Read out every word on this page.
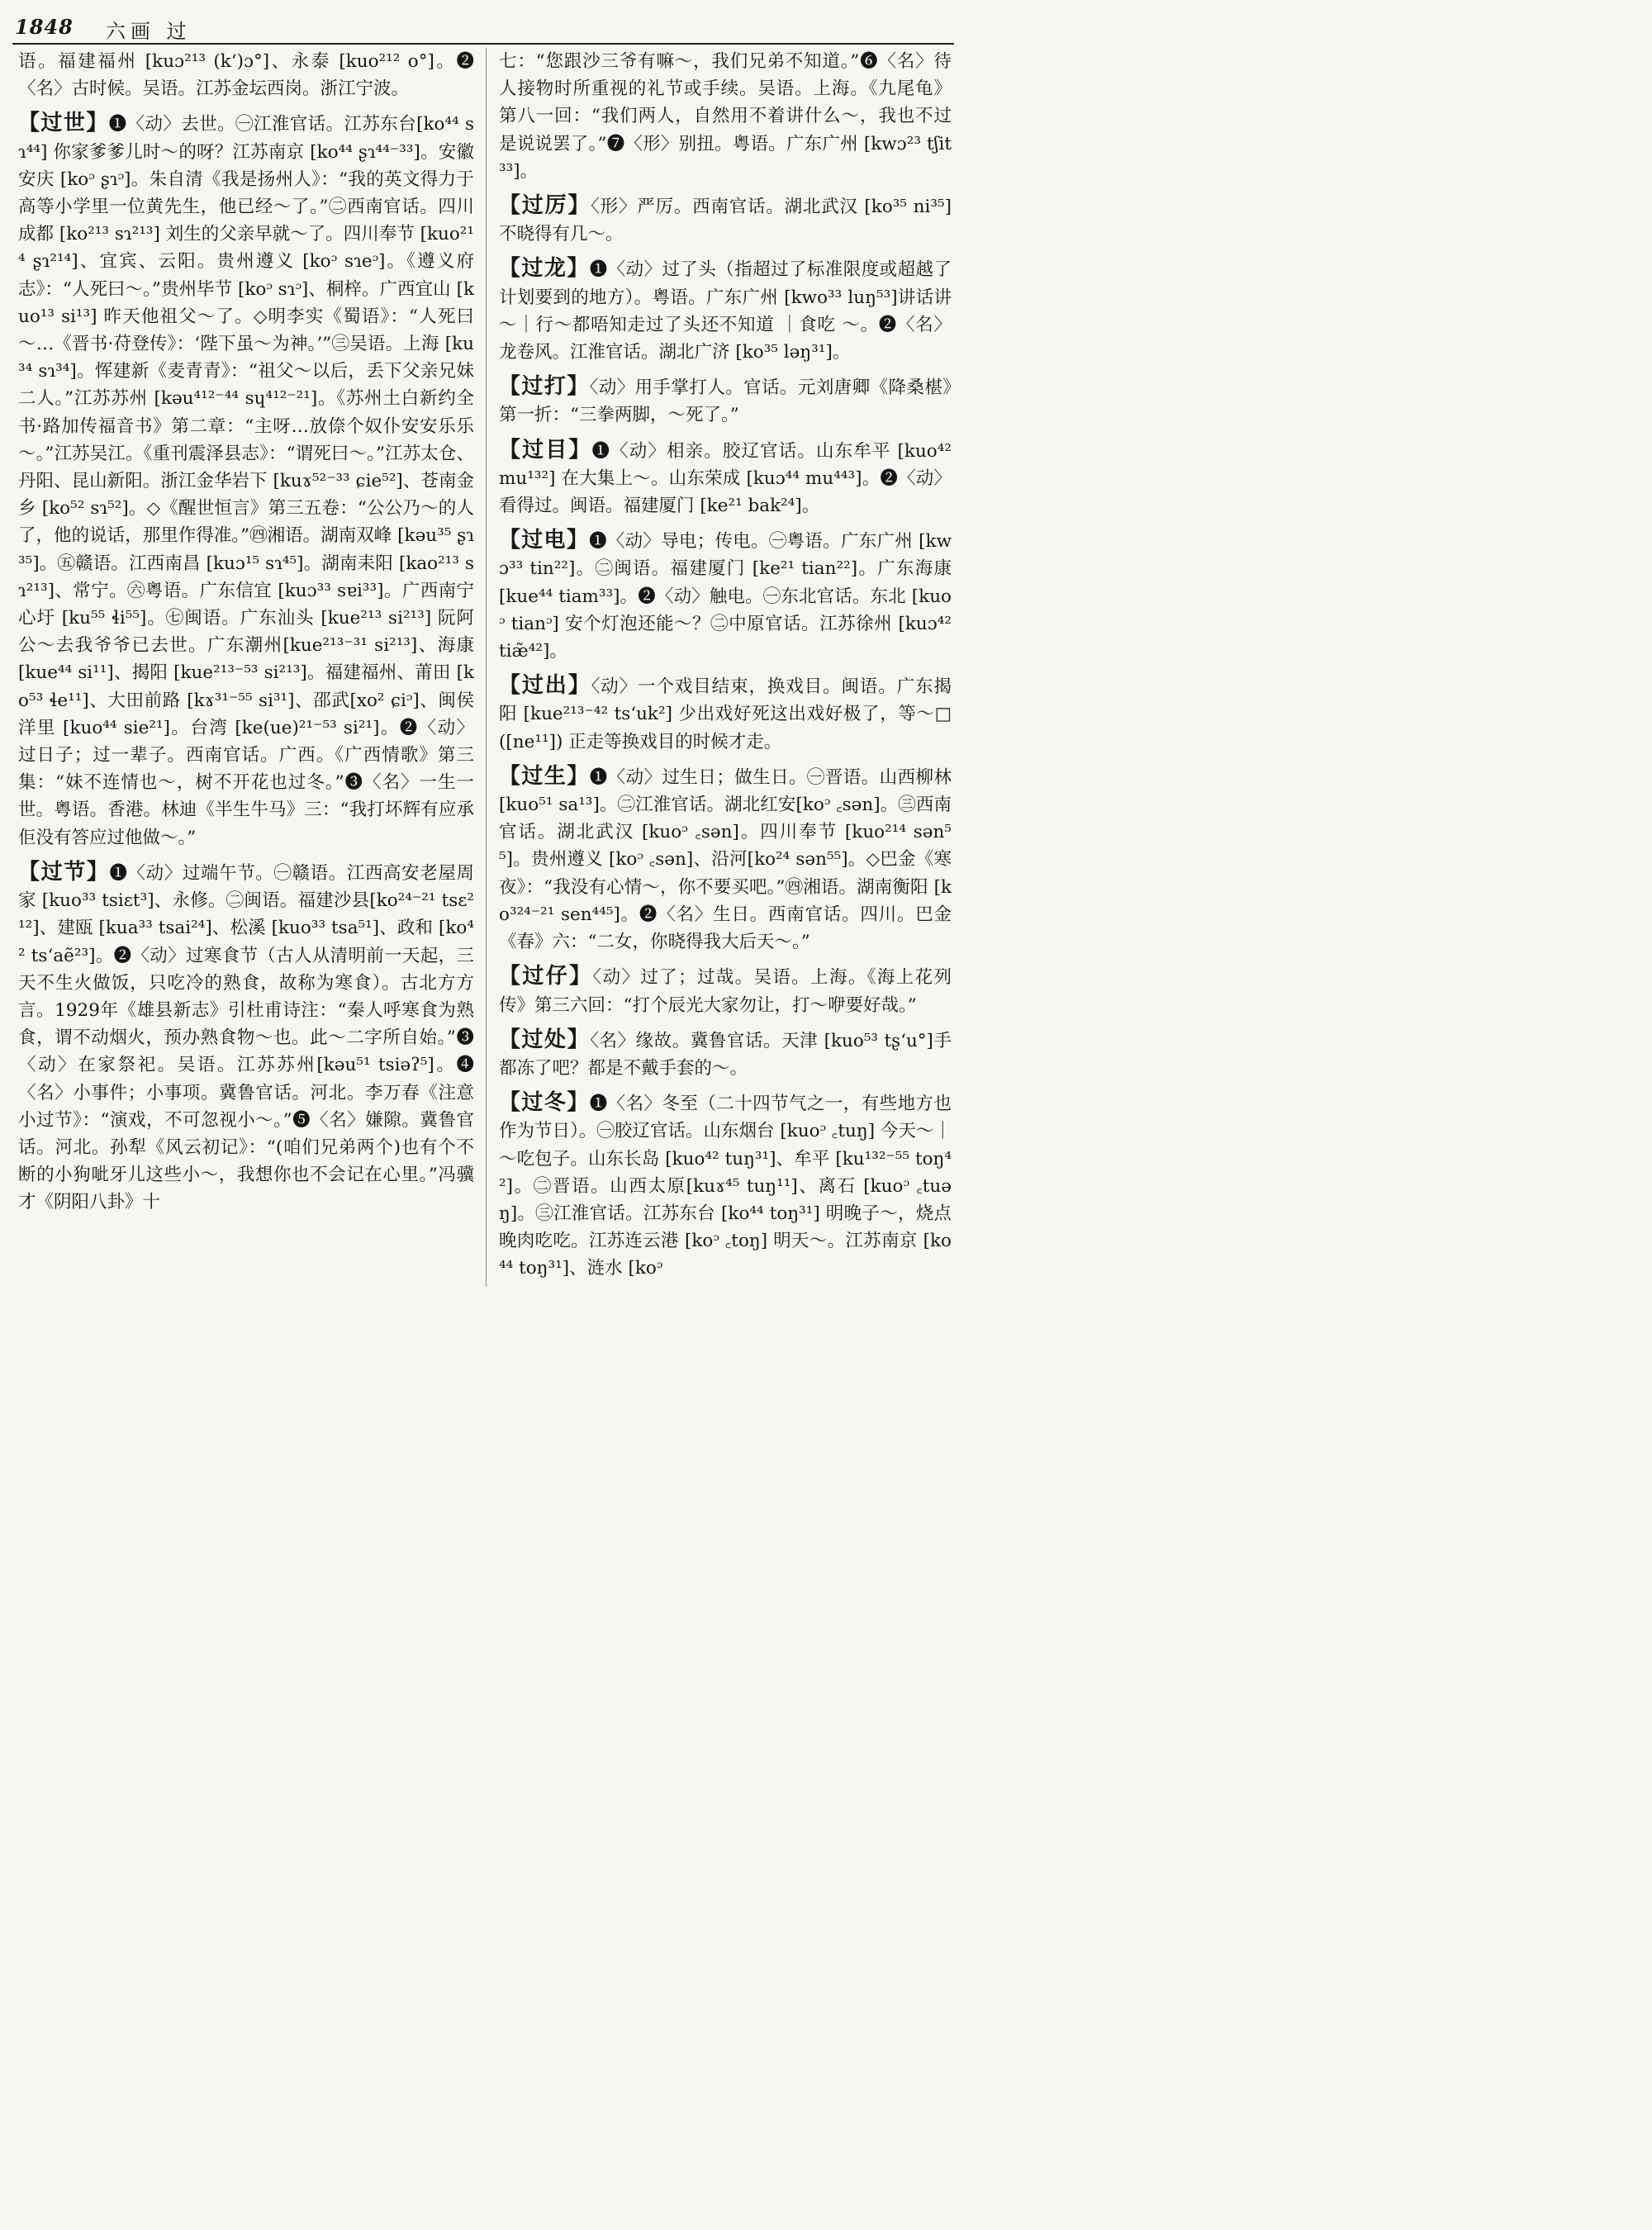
1848 六画 过

语。福建福州 [kuɔ²¹³ (k‘)ɔ°]、永泰 [kuo²¹² o°]。❷〈名〉古时候。吴语。江苏金坛西岗。浙江宁波。

【过世】❶〈动〉去世。㊀江淮官话。江苏东台[ko⁴⁴ sɿ⁴⁴] 你家爹爹儿时～的呀？江苏南京 [ko⁴⁴ ʂɿ⁴⁴⁻³³]。安徽安庆 [koᵓ ʂɿᵓ]。朱自清《我是扬州人》：“我的英文得力于高等小学里一位黄先生，他已经～了。”㊁西南官话。四川成都 [ko²¹³ sɿ²¹³] 刘生的父亲早就～了。四川奉节 [kuo²¹⁴ ʂɿ²¹⁴]、宜宾、云阳。贵州遵义 [koᵓ sɿeᵓ]。《遵义府志》：“人死曰～。”贵州毕节 [koᵓ sɿᵓ]、桐梓。广西宜山 [kuo¹³ si¹³] 昨天他祖父～了。◇明李实《蜀语》：“人死曰～…《晋书·苻登传》：‘陛下虽～为神。’”㊂吴语。上海 [ku³⁴ sɿ³⁴]。恽建新《麦青青》：“祖父～以后，丢下父亲兄妹二人。”江苏苏州 [kəu⁴¹²⁻⁴⁴ sɥ⁴¹²⁻²¹]。《苏州土白新约全书·路加传福音书》第二章：“主呀…放倷个奴仆安安乐乐～。”江苏吴江。《重刊震泽县志》：“谓死曰～。”江苏太仓、丹阳、昆山新阳。浙江金华岩下 [kuɤ⁵²⁻³³ ɕie⁵²]、苍南金乡 [ko⁵² sɿ⁵²]。◇《醒世恒言》第三五卷：“公公乃～的人了，他的说话，那里作得准。”㊃湘语。湖南双峰 [kəu³⁵ ʂɿ³⁵]。㊄赣语。江西南昌 [kuɔ¹⁵ sɿ⁴⁵]。湖南耒阳 [kao²¹³ sɿ²¹³]、常宁。㊅粤语。广东信宜 [kuɔ³³ sɐi³³]。广西南宁心圩 [ku⁵⁵ ɬi⁵⁵]。㊆闽语。广东汕头 [kue²¹³ si²¹³] 阮阿公～去我爷爷已去世。广东潮州[kue²¹³⁻³¹ si²¹³]、海康 [kue⁴⁴ si¹¹]、揭阳 [kue²¹³⁻⁵³ si²¹³]。福建福州、莆田 [ko⁵³ ɬe¹¹]、大田前路 [kɤ³¹⁻⁵⁵ si³¹]、邵武[xo² ɕiᵓ]、闽侯洋里 [kuo⁴⁴ sie²¹]。台湾 [ke(ue)²¹⁻⁵³ si²¹]。❷〈动〉过日子；过一辈子。西南官话。广西。《广西情歌》第三集：“妹不连情也～，树不开花也过冬。”❸〈名〉一生一世。粤语。香港。林迪《半生牛马》三：“我打坏辉有应承佢没有答应过他做～。”

【过节】❶〈动〉过端午节。㊀赣语。江西高安老屋周家 [kuo³³ tsiɛt³]、永修。㊁闽语。福建沙县[ko²⁴⁻²¹ tsɛ²¹²]、建瓯 [kua³³ tsai²⁴]、松溪 [kuo³³ tsa⁵¹]、政和 [ko⁴² ts‘aẽ²³]。❷〈动〉过寒食节（古人从清明前一天起，三天不生火做饭，只吃冷的熟食，故称为寒食）。古北方方言。1929年《雄县新志》引杜甫诗注：“秦人呼寒食为熟食，谓不动烟火，预办熟食物～也。此～二字所自始。”❸〈动〉在家祭祀。吴语。江苏苏州[kəu⁵¹ tsiəʔ⁵]。❹〈名〉小事件；小事项。冀鲁官话。河北。李万春《注意小过节》：“演戏，不可忽视小～。”❺〈名〉嫌隙。冀鲁官话。河北。孙犁《风云初记》：“(咱们兄弟两个)也有个不断的小狗呲牙儿这些小～，我想你也不会记在心里。”冯骥才《阴阳八卦》十

七：“您跟沙三爷有嘛～，我们兄弟不知道。”❻〈名〉待人接物时所重视的礼节或手续。吴语。上海。《九尾龟》第八一回：“我们两人，自然用不着讲什么～，我也不过是说说罢了。”❼〈形〉别扭。粤语。广东广州 [kwɔ²³ tʃit³³]。

【过厉】〈形〉严厉。西南官话。湖北武汉 [ko³⁵ ni³⁵] 不晓得有几～。

【过龙】❶〈动〉过了头（指超过了标准限度或超越了计划要到的地方）。粤语。广东广州 [kwo³³ luŋ⁵³]讲话讲～｜行～都唔知走过了头还不知道 ｜食吃 ～。❷〈名〉龙卷风。江淮官话。湖北广济 [ko³⁵ ləŋ³¹]。

【过打】〈动〉用手掌打人。官话。元刘唐卿《降桑椹》第一折：“三拳两脚，～死了。”

【过目】❶〈动〉相亲。胶辽官话。山东牟平 [kuo⁴² mu¹³²] 在大集上～。山东荣成 [kuɔ⁴⁴ mu⁴⁴³]。❷〈动〉看得过。闽语。福建厦门 [ke²¹ bak²⁴]。

【过电】❶〈动〉导电；传电。㊀粤语。广东广州 [kwɔ³³ tin²²]。㊁闽语。福建厦门 [ke²¹ tian²²]。广东海康 [kue⁴⁴ tiam³³]。❷〈动〉触电。㊀东北官话。东北 [kuoᵓ tianᵓ] 安个灯泡还能～？㊁中原官话。江苏徐州 [kuɔ⁴² tiæ̃⁴²]。

【过出】〈动〉一个戏目结束，换戏目。闽语。广东揭阳 [kue²¹³⁻⁴² ts‘uk²] 少出戏好死这出戏好极了，等～□([ne¹¹]) 正走等换戏目的时候才走。

【过生】❶〈动〉过生日；做生日。㊀晋语。山西柳林 [kuo⁵¹ sa¹³]。㊁江淮官话。湖北红安[koᵓ ꜀sən]。㊂西南官话。湖北武汉 [kuoᵓ ꜀sən]。四川奉节 [kuo²¹⁴ sən⁵⁵]。贵州遵义 [koᵓ ꜀sən]、沿河[ko²⁴ sən⁵⁵]。◇巴金《寒夜》：“我没有心情～，你不要买吧。”㊃湘语。湖南衡阳 [ko³²⁴⁻²¹ sen⁴⁴⁵]。❷〈名〉生日。西南官话。四川。巴金《春》六：“二女，你晓得我大后天～。”

【过仔】〈动〉过了；过哉。吴语。上海。《海上花列传》第三六回：“打个辰光大家勿让，打～咿要好哉。”

【过处】〈名〉缘故。冀鲁官话。天津 [kuo⁵³ tʂ‘u°]手都冻了吧？都是不戴手套的～。

【过冬】❶〈名〉冬至（二十四节气之一，有些地方也作为节日）。㊀胶辽官话。山东烟台 [kuoᵓ ꜀tuŋ] 今天～｜～吃包子。山东长岛 [kuo⁴² tuŋ³¹]、牟平 [ku¹³²⁻⁵⁵ toŋ⁴²]。㊁晋语。山西太原[kuɤ⁴⁵ tuŋ¹¹]、离石 [kuoᵓ ꜀tuəŋ]。㊂江淮官话。江苏东台 [ko⁴⁴ toŋ³¹] 明晚子～，烧点晚肉吃吃。江苏连云港 [koᵓ ꜀toŋ] 明天～。江苏南京 [ko⁴⁴ toŋ³¹]、涟水 [koᵓ
